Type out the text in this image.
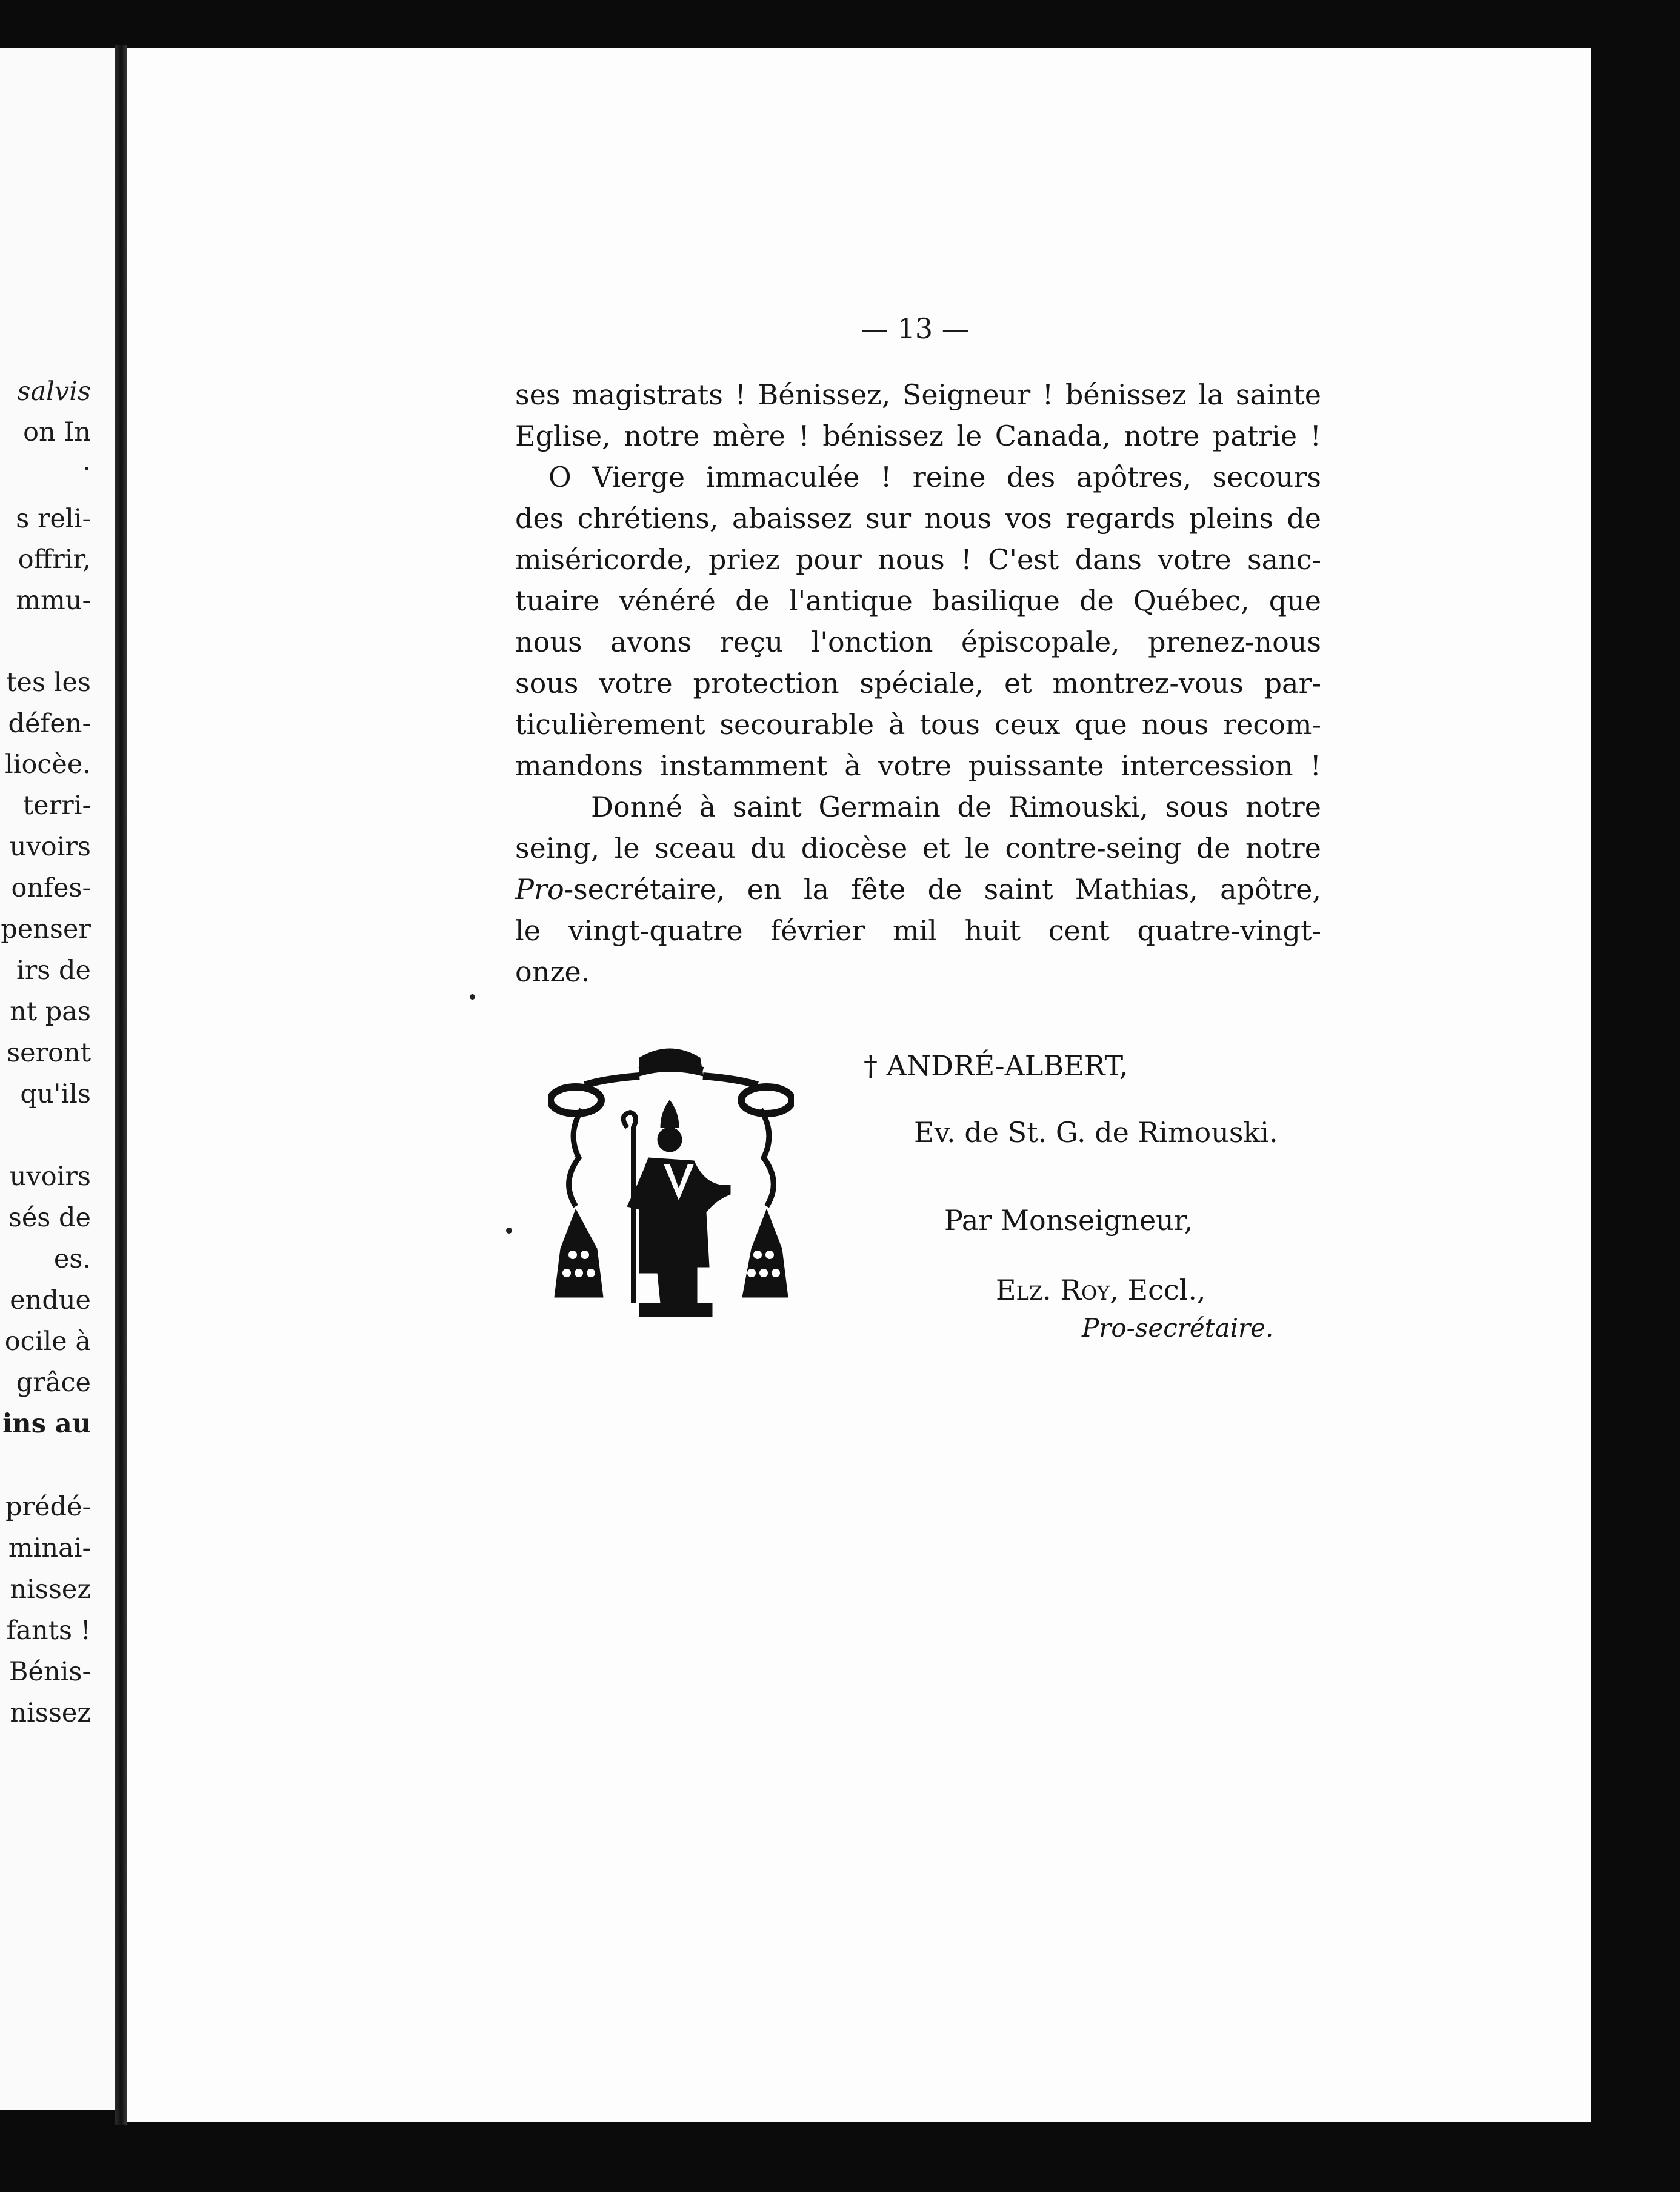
salvis
on In
.
s reli-
offrir,
mmu-
tes les
défen-
liocèe.
terri-
uvoirs
onfes-
penser
irs de
nt pas
seront
qu'ils
uvoirs
sés de
es.
endue
ocile à
grâce
ins au
prédé-
minai-
nissez
fants !
Bénis-
nissez
— 13 —
ses magistrats ! Bénissez, Seigneur ! bénissez la sainte
Eglise, notre mère ! bénissez le Canada, notre patrie !
O Vierge immaculée ! reine des apôtres, secours
des chrétiens, abaissez sur nous vos regards pleins de
miséricorde, priez pour nous ! C'est dans votre sanc-
tuaire vénéré de l'antique basilique de Québec, que
nous avons reçu l'onction épiscopale, prenez-nous
sous votre protection spéciale, et montrez-vous par-
ticulièrement secourable à tous ceux que nous recom-
mandons instamment à votre puissante intercession !
Donné à saint Germain de Rimouski, sous notre
seing, le sceau du diocèse et le contre-seing de notre
Pro-secrétaire, en la fête de saint Mathias, apôtre,
le vingt-quatre février mil huit cent quatre-vingt-
onze.
† ANDRÉ-ALBERT,
Ev. de St. G. de Rimouski.
Par Monseigneur,
Elz. Roy, Eccl.,
Pro-secrétaire.
